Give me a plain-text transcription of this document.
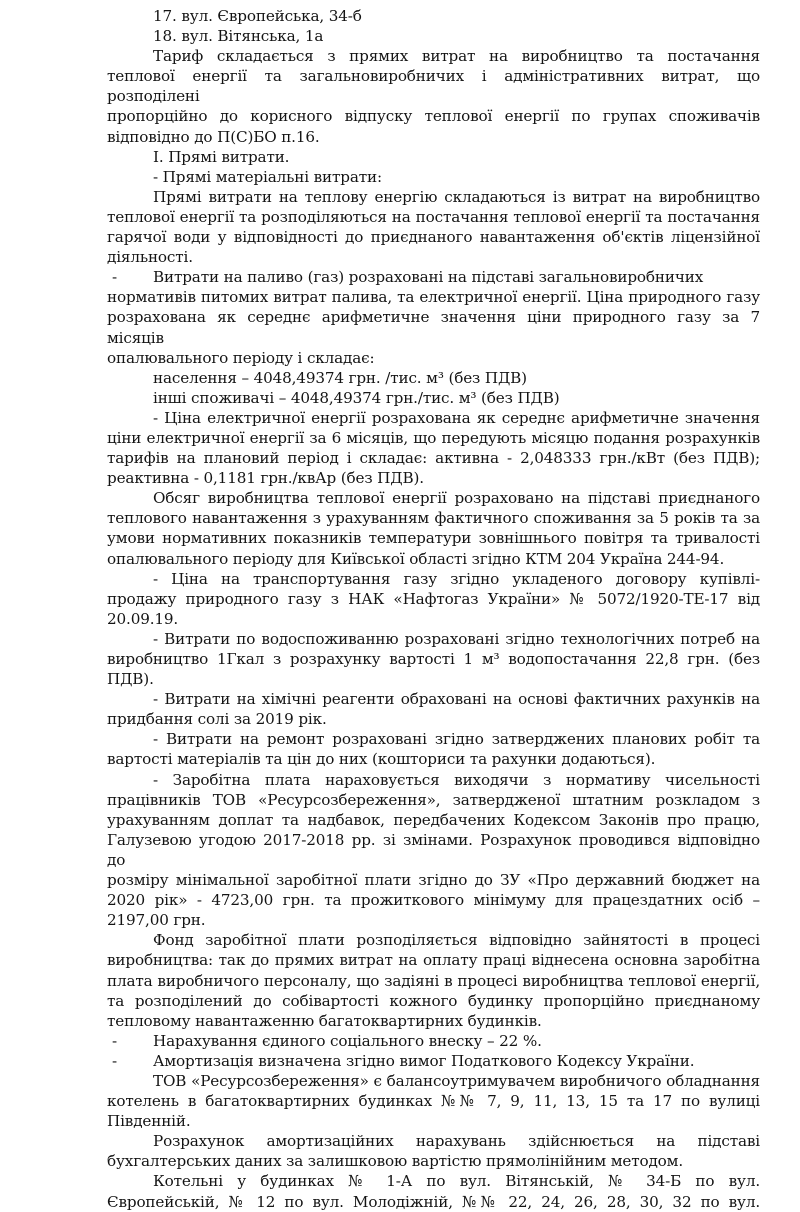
17. вул. Європейська, 34-б
18. вул. Вітянська, 1а
Тариф складається з прямих витрат на виробництво та постачання
теплової енергії та загальновиробничих і адміністративних витрат, що розподілені
пропорційно до корисного відпуску теплової енергії по групах споживачів
відповідно до П(С)БО п.16.
І. Прямі витрати.
- Прямі матеріальні витрати:
Прямі витрати на теплову енергію складаються із витрат на виробництво
теплової енергії та розподіляються на постачання теплової енергії та постачання
гарячої води у відповідності до приєднаного навантаження об'єктів ліцензійної
діяльності.
- Витрати на паливо (газ) розраховані на підставі загальновиробничих
нормативів питомих витрат палива, та електричної енергії. Ціна природного газу
розрахована як середнє арифметичне значення ціни природного газу за 7 місяців
опалювального періоду і складає:
населення – 4048,49374 грн. /тис. м³ (без ПДВ)
інші споживачі – 4048,49374 грн./тис. м³ (без ПДВ)
- Ціна електричної енергії розрахована як середнє арифметичне значення
ціни електричної енергії за 6 місяців, що передують місяцю подання розрахунків
тарифів на плановий період і складає: активна - 2,048333 грн./кВт (без ПДВ);
реактивна - 0,1181 грн./квАр (без ПДВ).
Обсяг виробництва теплової енергії розраховано на підставі приєднаного
теплового навантаження з урахуванням фактичного споживання за 5 років та за
умови нормативних показників температури зовнішнього повітря та тривалості
опалювального періоду для Київської області згідно КТМ 204 Україна 244-94.
- Ціна на транспортування газу згідно укладеного договору купівлі-
продажу природного газу з НАК «Нафтогаз України» № 5072/1920-ТЕ-17 від
20.09.19.
- Витрати по водоспоживанню розраховані згідно технологічних потреб на
виробництво 1Гкал з розрахунку вартості 1 м³ водопостачання 22,8 грн. (без
ПДВ).
- Витрати на хімічні реагенти обраховані на основі фактичних рахунків на
придбання солі за 2019 рік.
- Витрати на ремонт розраховані згідно затверджених планових робіт та
вартості матеріалів та цін до них (кошториси та рахунки додаються).
- Заробітна плата нараховується виходячи з нормативу чисельності
працівників ТОВ «Ресурсозбереження», затвердженої штатним розкладом з
урахуванням доплат та надбавок, передбачених Кодексом Законів про працю,
Галузевою угодою 2017-2018 рр. зі змінами. Розрахунок проводився відповідно до
розміру мінімальної заробітної плати згідно до ЗУ «Про державний бюджет на
2020 рік» - 4723,00 грн. та прожиткового мінімуму для працездатних осіб –
2197,00 грн.
Фонд заробітної плати розподіляється відповідно зайнятості в процесі
виробництва: так до прямих витрат на оплату праці віднесена основна заробітна
плата виробничого персоналу, що задіяні в процесі виробництва теплової енергії,
та розподілений до собівартості кожного будинку пропорційно приєднаному
тепловому навантаженню багатоквартирних будинків.
- Нарахування єдиного соціального внеску – 22 %.
- Амортизація визначена згідно вимог Податкового Кодексу України.
ТОВ «Ресурсозбереження» є балансоутримувачем виробничого обладнання
котелень в багатоквартирних будинках №№ 7, 9, 11, 13, 15 та 17 по вулиці
Південній.
Розрахунок амортизаційних нарахувань здійснюється на підставі
бухгалтерських даних за залишковою вартістю прямолінійним методом.
Котельні у будинках № 1-А по вул. Вітянській, № 34-Б по вул.
Європейській, № 12 по вул. Молодіжній, №№ 22, 24, 26, 28, 30, 32 по вул.
